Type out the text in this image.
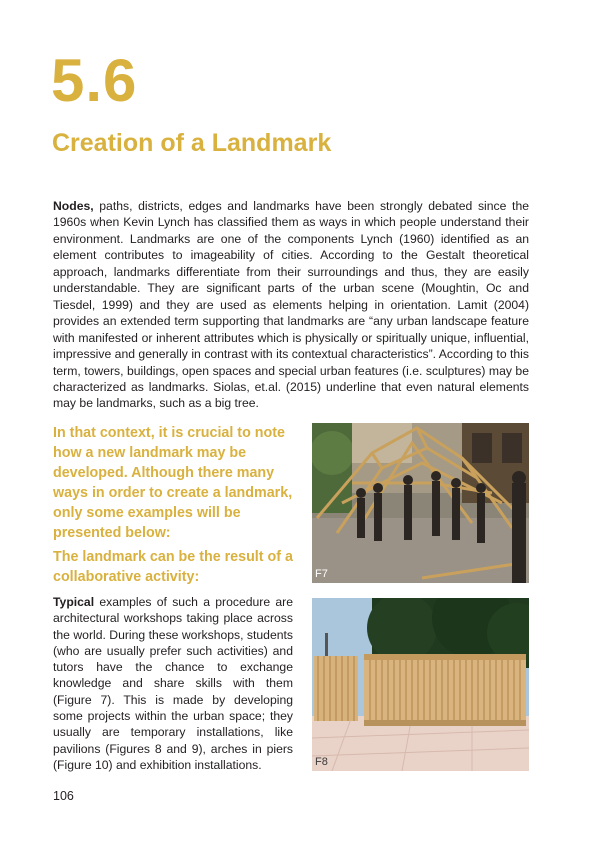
5.6
Creation of a Landmark
Nodes, paths, districts, edges and landmarks have been strongly debated since the 1960s when Kevin Lynch has classified them as ways in which people understand their environment. Landmarks are one of the components Lynch (1960) identified as an element contributes to imageability of cities. According to the Gestalt theoretical approach, landmarks differentiate from their surroundings and thus, they are easily understandable. They are significant parts of the urban scene (Moughtin, Oc and Tiesdel, 1999) and they are used as elements helping in orientation. Lamit (2004) provides an extended term supporting that landmarks are “any urban landscape feature with manifested or inherent attributes which is physically or spiritually unique, influential, impressive and generally in contrast with its contextual characteristics”. According to this term, towers, buildings, open spaces and special urban features (i.e. sculptures) may be characterized as landmarks. Siolas, et.al. (2015) underline that even natural elements may be landmarks, such as a big tree.
In that context, it is crucial to note how a new landmark may be developed. Although there many ways in order to create a landmark, only some examples will be presented below:
The landmark can be the result of a collaborative activity:
Typical examples of such a procedure are architectural workshops taking place across the world. During these workshops, students (who are usually prefer such activities) and tutors have the chance to exchange knowledge and share skills with them (Figure 7). This is made by developing some projects within the urban space; they usually are temporary installations, like pavilions (Figures 8 and 9), arches in piers (Figure 10) and exhibition installations.
F7
F8
106
